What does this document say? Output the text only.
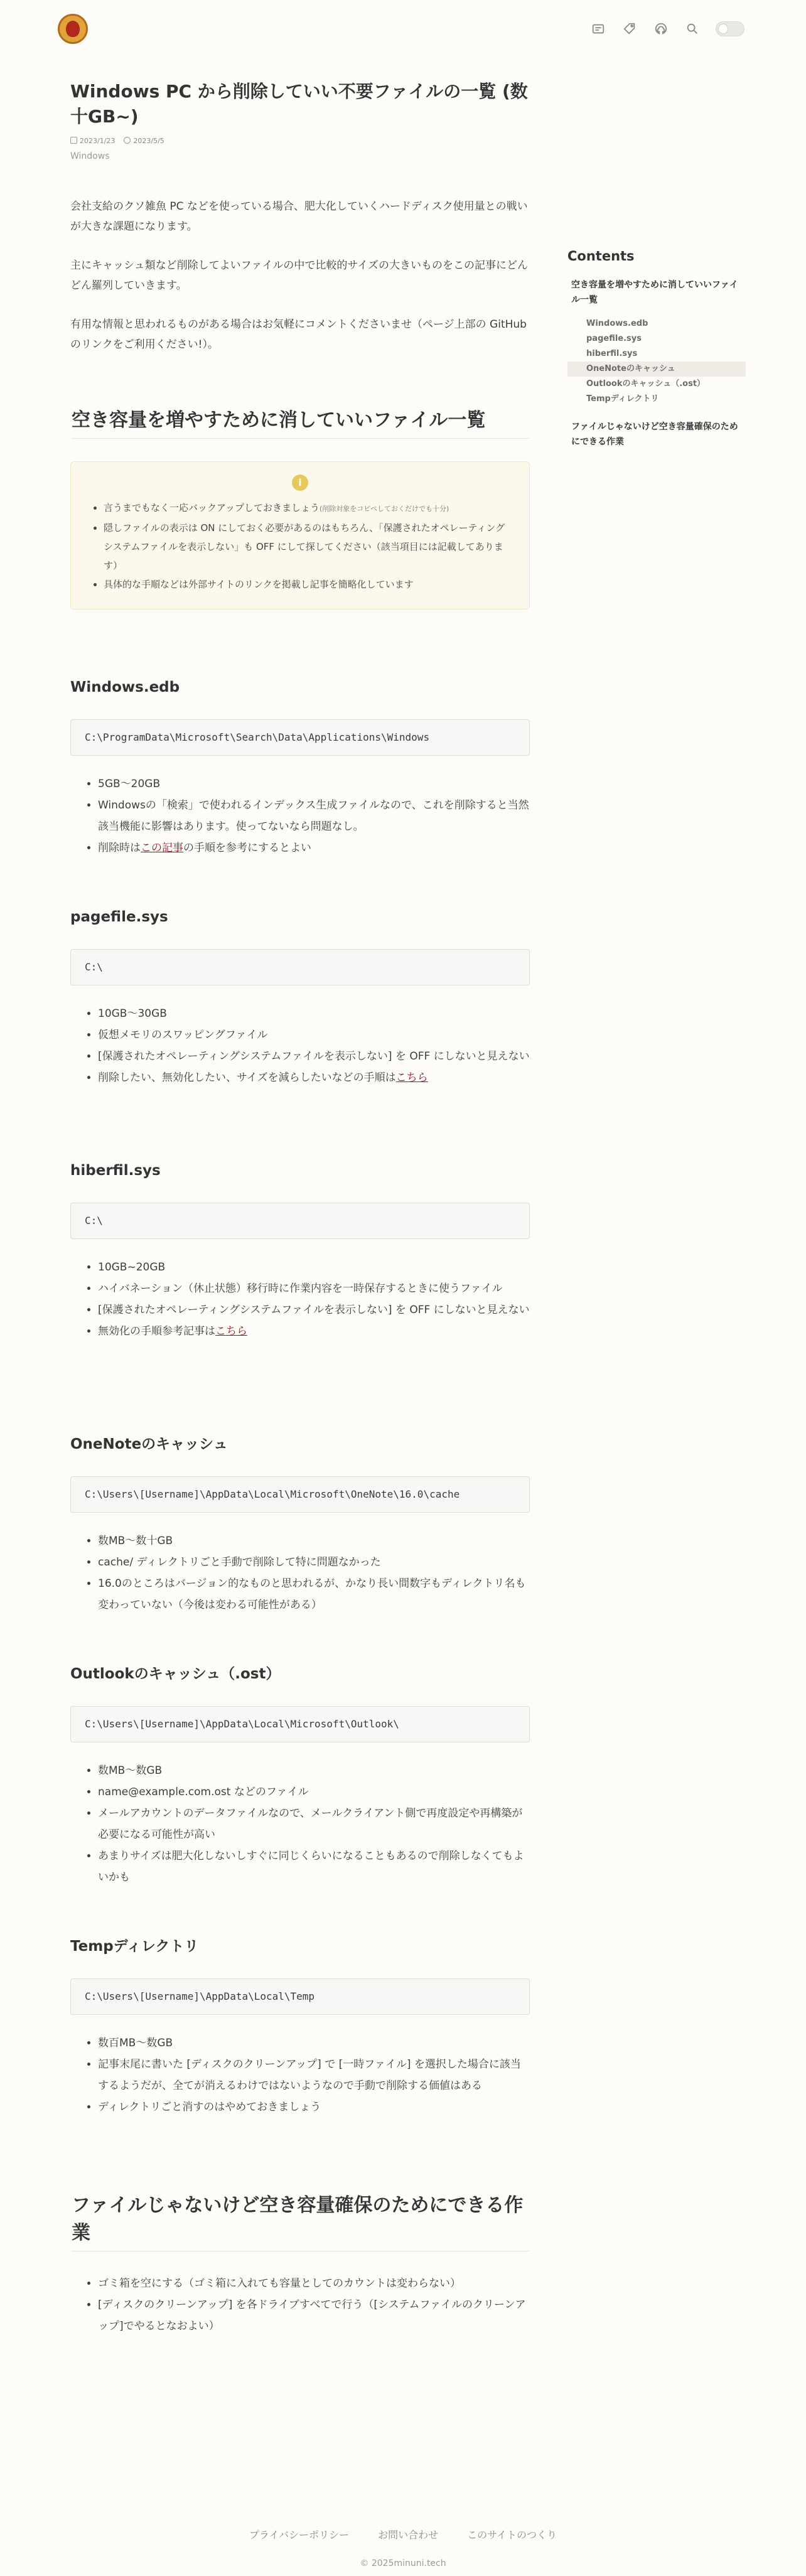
Windows PC から削除していい不要ファイルの一覧 (数十GB~)
2023/1/23	2023/5/5
Windows

会社支給のクソ雑魚 PC などを使っている場合、肥大化していくハードディスク使用量との戦いが大きな課題になります。

主にキャッシュ類など削除してよいファイルの中で比較的サイズの大きいものをこの記事にどんどん羅列していきます。

有用な情報と思われるものがある場合はお気軽にコメントくださいませ（ページ上部の GitHub のリンクをご利用ください!）。

空き容量を増やすために消していいファイル一覧
i
• 言うまでもなく一応バックアップしておきましょう(削除対象をコピペしておくだけでも十分)
• 隠しファイルの表示は ON にしておく必要があるのはもちろん、「保護されたオペレーティングシステムファイルを表示しない」も OFF にして探してください（該当項目には記載してあります）
• 具体的な手順などは外部サイトのリンクを掲載し記事を簡略化しています
Windows.edb
C:\ProgramData\Microsoft\Search\Data\Applications\Windows
• 5GB〜20GB
• Windowsの「検索」で使われるインデックス生成ファイルなので、これを削除すると当然該当機能に影響はあります。使ってないなら問題なし。
• 削除時はこの記事の手順を参考にするとよい
pagefile.sys
C:\
• 10GB〜30GB
• 仮想メモリのスワッピングファイル
• [保護されたオペレーティングシステムファイルを表示しない] を OFF にしないと見えない
• 削除したい、無効化したい、サイズを減らしたいなどの手順はこちら
hiberfil.sys
C:\
• 10GB~20GB
• ハイバネーション（休止状態）移行時に作業内容を一時保存するときに使うファイル
• [保護されたオペレーティングシステムファイルを表示しない] を OFF にしないと見えない
• 無効化の手順参考記事はこちら
OneNoteのキャッシュ
C:\Users\[Username]\AppData\Local\Microsoft\OneNote\16.0\cache
• 数MB〜数十GB
• cache/ ディレクトリごと手動で削除して特に問題なかった
• 16.0のところはバージョン的なものと思われるが、かなり長い間数字もディレクトリ名も変わっていない（今後は変わる可能性がある）
Outlookのキャッシュ（.ost）
C:\Users\[Username]\AppData\Local\Microsoft\Outlook\
• 数MB〜数GB
• name@example.com.ost などのファイル
• メールアカウントのデータファイルなので、メールクライアント側で再度設定や再構築が必要になる可能性が高い
• あまりサイズは肥大化しないしすぐに同じくらいになることもあるので削除しなくてもよいかも
Tempディレクトリ
C:\Users\[Username]\AppData\Local\Temp
• 数百MB〜数GB
• 記事末尾に書いた [ディスクのクリーンアップ] で [一時ファイル] を選択した場合に該当するようだが、全てが消えるわけではないようなので手動で削除する価値はある
• ディレクトリごと消すのはやめておきましょう
ファイルじゃないけど空き容量確保のためにできる作業
• ゴミ箱を空にする（ゴミ箱に入れても容量としてのカウントは変わらない）
• [ディスクのクリーンアップ] を各ドライブすべてで行う（[システムファイルのクリーンアップ]でやるとなおよい）
Contents
空き容量を増やすために消していいファイル一覧
Windows.edb
pagefile.sys
hiberfil.sys
OneNoteのキャッシュ
Outlookのキャッシュ（.ost）
Tempディレクトリ
ファイルじゃないけど空き容量確保のためにできる作業
プライバシーポリシー	お問い合わせ	このサイトのつくり
© 2025minuni.tech
